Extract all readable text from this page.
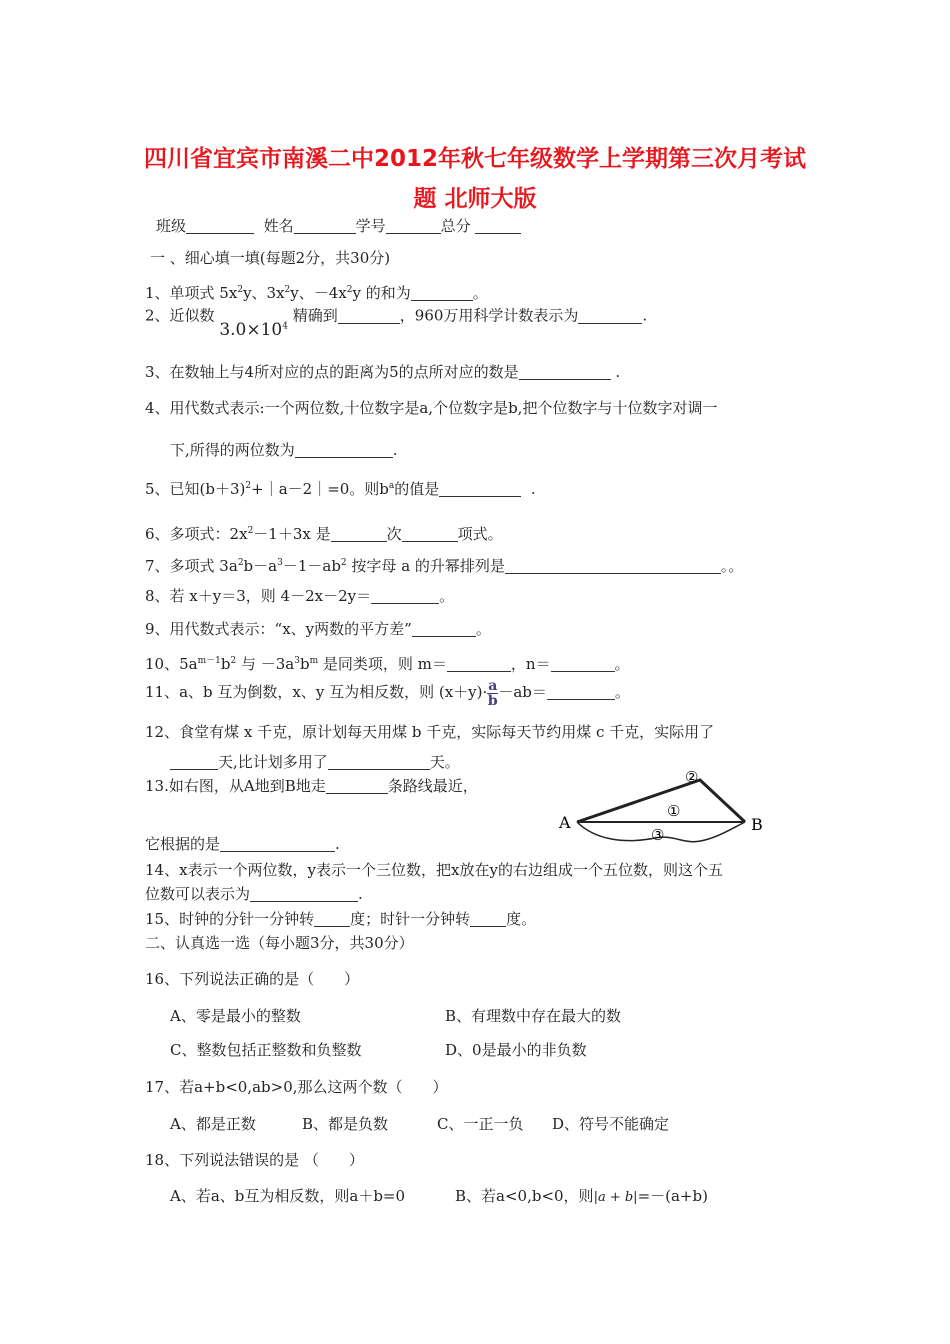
四川省宜宾市南溪二中2012年秋七年级数学上学期第三次月考试
题 北师大版
班级	姓名	学号	总分
一 、细心填一填(每题2分，共30分)
1、单项式 $5x^2y$、$3x^2y$、$-4x^2y$ 的和为	。
2、近似数 $3.0\times 10^4$ 精确到	，960万用科学计数表示为	.
3、在数轴上与4所对应的点的距离为5的点所对应的数是	.
4、用代数式表示:一个两位数,十位数字是a,个位数字是b,把个位数字与十位数字对调一
下,所得的两位数为	.
5、已知$(b+3)^2+|a-2|=0$。则$b^a$的值是	.
6、多项式：$2x^2-1+3x$ 是	次	项式。
7、多项式 $3a^2b-a^3-1-ab^2$ 按字母 a 的升幂排列是	。。
8、若 x＋y＝3，则 4－2x－2y＝	。
9、用代数式表示：“x、y两数的平方差”	。
10、$5a^{m-1}b^2$ 与 $-3a^3b^m$ 是同类项，则 m＝	，n＝	。
11、a、b 互为倒数，x、y 互为相反数，则 $(x+y)\cdot \frac{a}{b} -ab=$	。
12、食堂有煤 x 千克，原计划每天用煤 b 千克，实际每天节约用煤 c 千克，实际用了
天,比计划多用了	天。
13.如右图，从A地到B地走	条路线最近，
它根据的是	.
A	B
①
②
③
14、x表示一个两位数，y表示一个三位数，把x放在y的右边组成一个五位数，则这个五
位数可以表示为	.
15、时钟的分针一分钟转 度；时针一分钟转 度。
二、认真选一选（每小题3分，共30分）
16、下列说法正确的是（　　）
A、零是最小的整数	B、有理数中存在最大的数
C、整数包括正整数和负整数	D、0是最小的非负数
17、若a+b<0,ab>0,那么这两个数（　　）
A、都是正数	B、都是负数	C、一正一负 D、符号不能确定
18、下列说法错误的是 （　　）
A、若a、b互为相反数，则a＋b=0	B、若a<0,b<0，则|a + b|=－(a+b)
